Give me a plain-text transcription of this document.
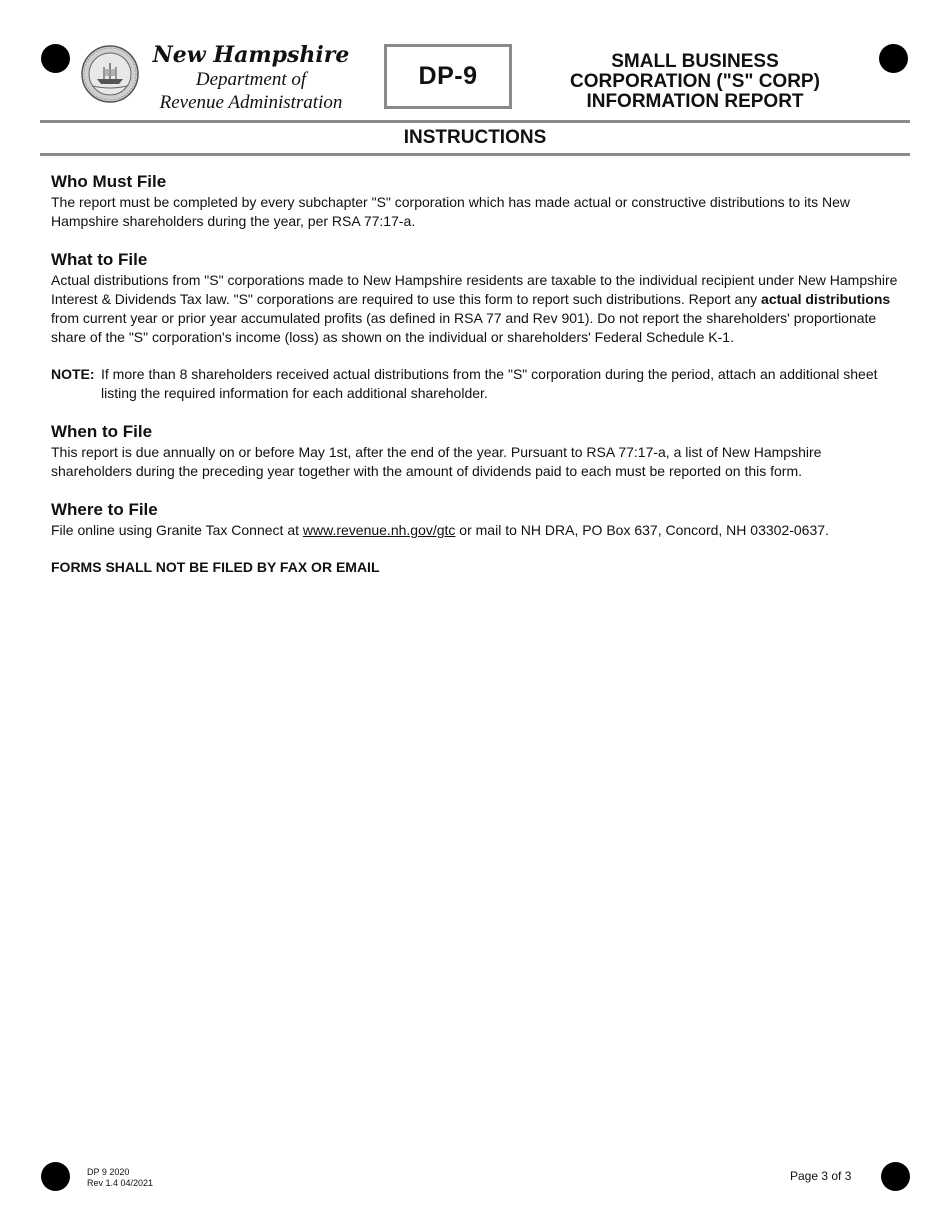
New Hampshire
Department of
Revenue Administration
DP-9
SMALL BUSINESS
CORPORATION ("S" CORP)
INFORMATION REPORT
INSTRUCTIONS
Who Must File

The report must be completed by every subchapter "S" corporation which has made actual or constructive distributions to its New Hampshire shareholders during the year, per RSA 77:17-a.

What to File

Actual distributions from "S" corporations made to New Hampshire residents are taxable to the individual recipient under New Hampshire Interest & Dividends Tax law. "S" corporations are required to use this form to report such distributions. Report any actual distributions from current year or prior year accumulated profits (as defined in RSA 77 and Rev 901). Do not report the shareholders' proportionate share of the "S" corporation's income (loss) as shown on the individual or shareholders' Federal Schedule K-1.

NOTE: If more than 8 shareholders received actual distributions from the "S" corporation during the period, attach an additional sheet listing the required information for each additional shareholder.

When to File

This report is due annually on or before May 1st, after the end of the year. Pursuant to RSA 77:17-a, a list of New Hampshire shareholders during the preceding year together with the amount of dividends paid to each must be reported on this form.

Where to File

File online using Granite Tax Connect at www.revenue.nh.gov/gtc or mail to NH DRA, PO Box 637, Concord, NH 03302-0637.

FORMS SHALL NOT BE FILED BY FAX OR EMAIL
DP 9 2020
Rev 1.4 04/2021	Page 3 of 3
